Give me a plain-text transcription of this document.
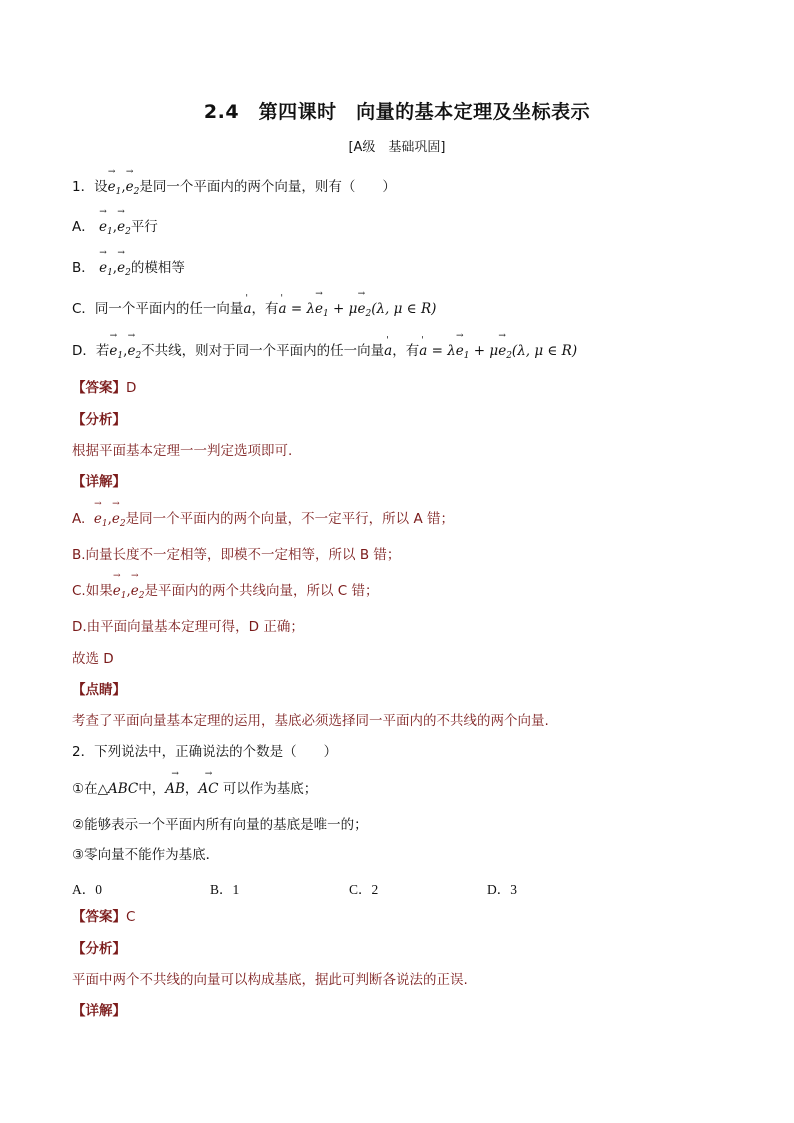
2.4　第四课时　向量的基本定理及坐标表示
[A级　基础巩固]
1．设→ $e_1,\to e_2$是同一个平面内的两个向量，则有（　　）
A． → $e_1,\to e_2$平行
B． → $e_1,\to e_2$的模相等
C．同一个平面内的任一向量' a，有' $a = \lambda\to e_1 + \mu\to e_2(\lambda$, μ ∈ R)
D．若→ $e_1,\to e_2$不共线，则对于同一个平面内的任一向量' a，有' $a = \lambda\to e_1 + \mu\to e_2(\lambda$, μ ∈ R)
【答案】D
【分析】
根据平面基本定理一一判定选项即可.
【详解】
A. → $e_1,\to e_2$是同一个平面内的两个向量，不一定平行，所以 A 错；
B.向量长度不一定相等，即模不一定相等，所以 B 错；
C.如果→ $e_1,\to e_2$是平面内的两个共线向量，所以 C 错；
D.由平面向量基本定理可得，D 正确；
故选 D
【点睛】
考查了平面向量基本定理的运用，基底必须选择同一平面内的不共线的两个向量.
2．下列说法中，正确说法的个数是（　　）
①在△ABC中，→ AB，→ AC 可以作为基底；
②能够表示一个平面内所有向量的基底是唯一的；
③零向量不能作为基底．
A．0	B．1	C．2	D．3
【答案】C
【分析】
平面中两个不共线的向量可以构成基底，据此可判断各说法的正误.
【详解】
